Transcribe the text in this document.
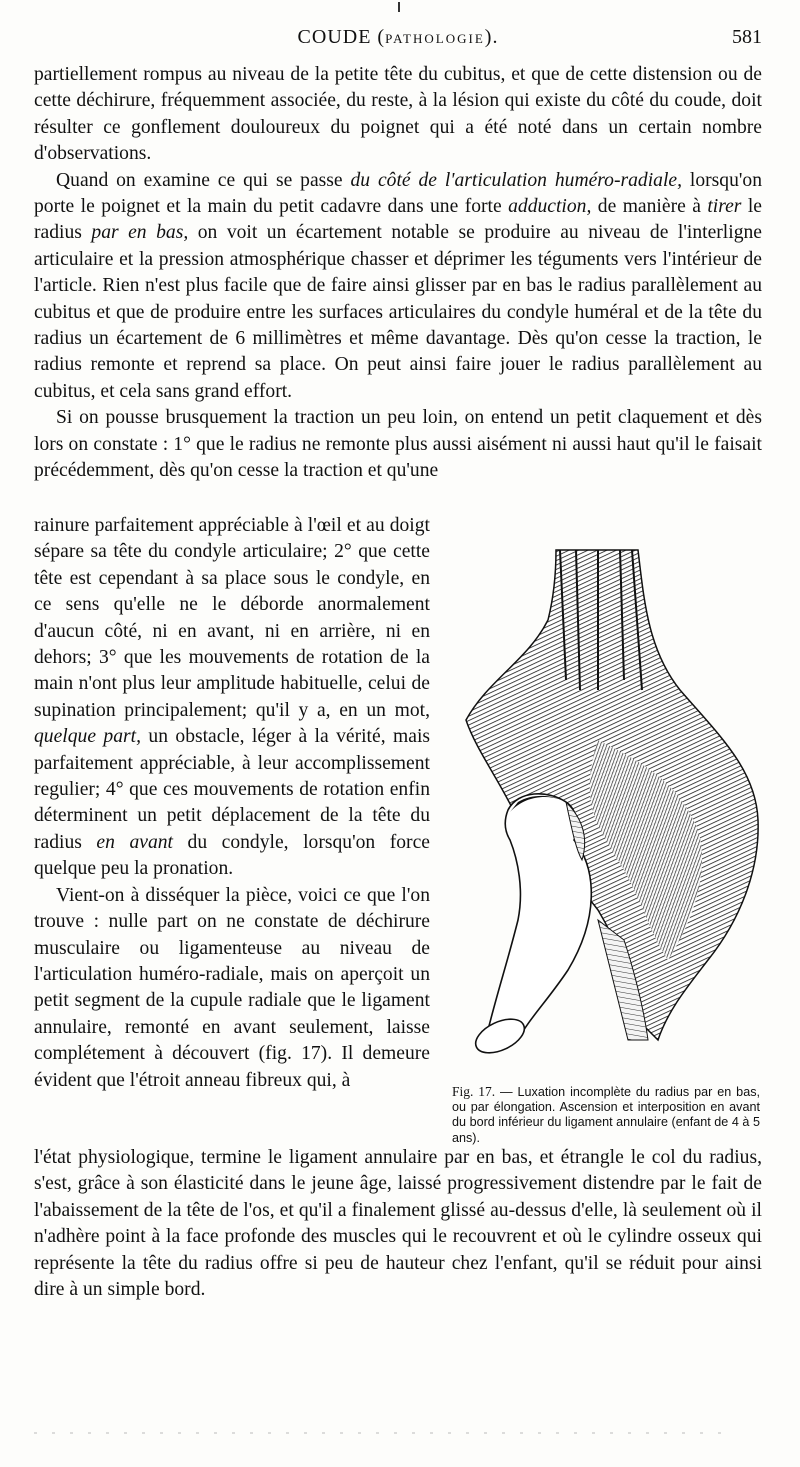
COUDE (PATHOLOGIE).	581

partiellement rompus au niveau de la petite tête du cubitus, et que de cette distension ou de cette déchirure, fréquemment associée, du reste, à la lésion qui existe du côté du coude, doit résulter ce gonflement douloureux du poignet qui a été noté dans un certain nombre d'observations.

Quand on examine ce qui se passe du côté de l'articulation huméro-radiale, lorsqu'on porte le poignet et la main du petit cadavre dans une forte adduction, de manière à tirer le radius par en bas, on voit un écartement notable se produire au niveau de l'interligne articulaire et la pression atmosphérique chasser et déprimer les téguments vers l'intérieur de l'article. Rien n'est plus facile que de faire ainsi glisser par en bas le radius parallèlement au cubitus et que de produire entre les surfaces articulaires du condyle huméral et de la tête du radius un écartement de 6 millimètres et même davantage. Dès qu'on cesse la traction, le radius remonte et reprend sa place. On peut ainsi faire jouer le radius parallèlement au cubitus, et cela sans grand effort.

Si on pousse brusquement la traction un peu loin, on entend un petit claquement et dès lors on constate : 1° que le radius ne remonte plus aussi aisément ni aussi haut qu'il le faisait précédemment, dès qu'on cesse la traction et qu'une

rainure parfaitement appréciable à l'œil et au doigt sépare sa tête du condyle articulaire; 2° que cette tête est cependant à sa place sous le condyle, en ce sens qu'elle ne le déborde anormalement d'aucun côté, ni en avant, ni en arrière, ni en dehors; 3° que les mouvements de rotation de la main n'ont plus leur amplitude habituelle, celui de supination principalement; qu'il y a, en un mot, quelque part, un obstacle, léger à la vérité, mais parfaitement appréciable, à leur accomplissement regulier; 4° que ces mouvements de rotation enfin déterminent un petit déplacement de la tête du radius en avant du condyle, lorsqu'on force quelque peu la pronation.

Vient-on à disséquer la pièce, voici ce que l'on trouve : nulle part on ne constate de déchirure musculaire ou ligamenteuse au niveau de l'articulation huméro-radiale, mais on aperçoit un petit segment de la cupule radiale que le ligament annulaire, remonté en avant seulement, laisse complétement à découvert (fig. 17). Il demeure évident que l'étroit anneau fibreux qui, à

Fig. 17. — Luxation incomplète du radius par en bas, ou par élongation. Ascension et interposition en avant du bord inférieur du ligament annulaire (enfant de 4 à 5 ans).

l'état physiologique, termine le ligament annulaire par en bas, et étrangle le col du radius, s'est, grâce à son élasticité dans le jeune âge, laissé progressivement distendre par le fait de l'abaissement de la tête de l'os, et qu'il a finalement glissé au-dessus d'elle, là seulement où il n'adhère point à la face profonde des muscles qui le recouvrent et où le cylindre osseux qui représente la tête du radius offre si peu de hauteur chez l'enfant, qu'il se réduit pour ainsi dire à un simple bord.
